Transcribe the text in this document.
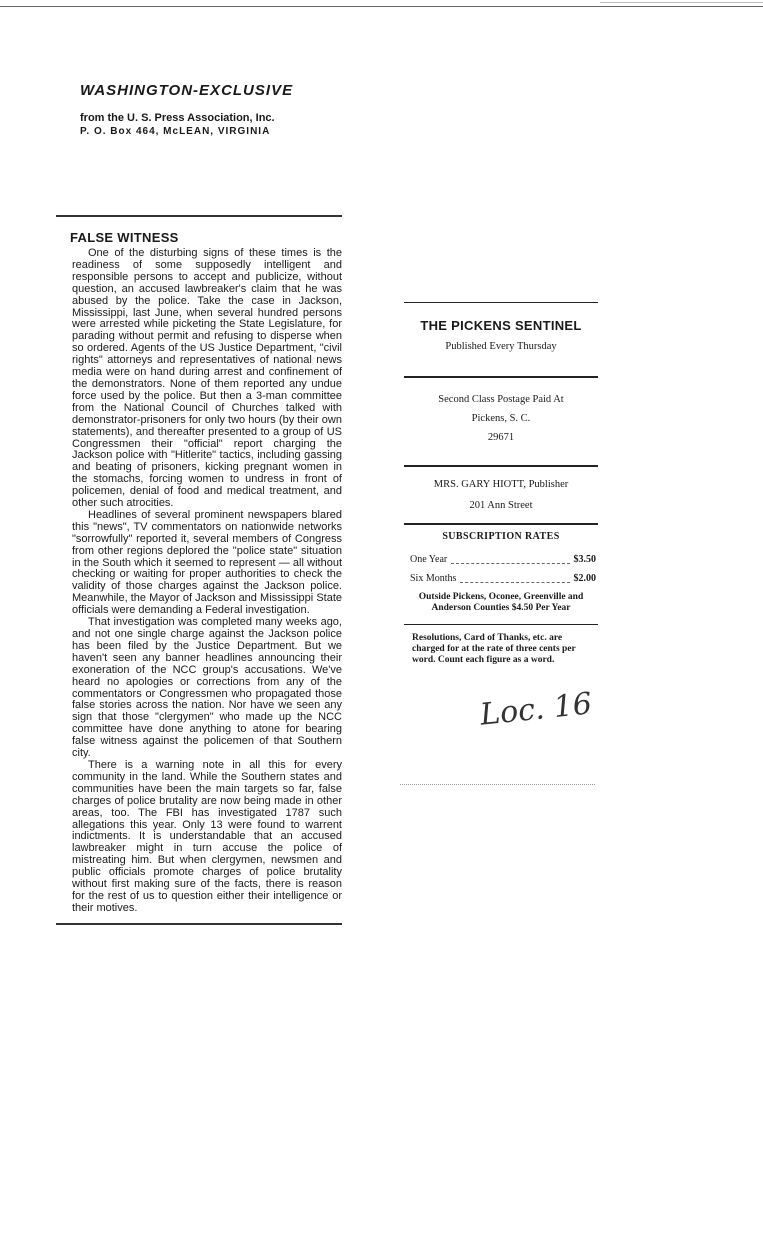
WASHINGTON-EXCLUSIVE
from the U. S. Press Association, Inc.
P. O. Box 464, McLEAN, VIRGINIA
FALSE WITNESS

One of the disturbing signs of these times is the readiness of some supposedly intelligent and responsible persons to accept and publicize, without question, an accused lawbreaker's claim that he was abused by the police. Take the case in Jackson, Mississippi, last June, when several hundred persons were arrested while picketing the State Legislature, for parading without permit and refusing to disperse when so ordered. Agents of the US Justice Department, "civil rights" attorneys and representatives of national news media were on hand during arrest and confinement of the demonstrators. None of them reported any undue force used by the police. But then a 3-man committee from the National Council of Churches talked with demonstrator-prisoners for only two hours (by their own statements), and thereafter presented to a group of US Congressmen their "official" report charging the Jackson police with "Hitlerite" tactics, including gassing and beating of prisoners, kicking pregnant women in the stomachs, forcing women to undress in front of policemen, denial of food and medical treatment, and other such atrocities.

Headlines of several prominent newspapers blared this "news", TV commentators on nationwide networks "sorrowfully" reported it, several members of Congress from other regions deplored the "police state" situation in the South which it seemed to represent — all without checking or waiting for proper authorities to check the validity of those charges against the Jackson police. Meanwhile, the Mayor of Jackson and Mississippi State officials were demanding a Federal investigation.

That investigation was completed many weeks ago, and not one single charge against the Jackson police has been filed by the Justice Department. But we haven't seen any banner headlines announcing their exoneration of the NCC group's accusations. We've heard no apologies or corrections from any of the commentators or Congressmen who propagated those false stories across the nation. Nor have we seen any sign that those "clergymen" who made up the NCC committee have done anything to atone for bearing false witness against the policemen of that Southern city.

There is a warning note in all this for every community in the land. While the Southern states and communities have been the main targets so far, false charges of police brutality are now being made in other areas, too. The FBI has investigated 1787 such allegations this year. Only 13 were found to warrent indictments. It is understandable that an accused lawbreaker might in turn accuse the police of mistreating him. But when clergymen, newsmen and public officials promote charges of police brutality without first making sure of the facts, there is reason for the rest of us to question either their intelligence or their motives.

THE PICKENS SENTINEL
Published Every Thursday
Second Class Postage Paid At
Pickens, S. C.
29671
MRS. GARY HIOTT, Publisher
201 Ann Street
SUBSCRIPTION RATES
One Year	$3.50
Six Months	$2.00
Outside Pickens, Oconee, Greenville and Anderson Counties $4.50 Per Year
Resolutions, Card of Thanks, etc. are charged for at the rate of three cents per word. Count each figure as a word.
Loc. 16
